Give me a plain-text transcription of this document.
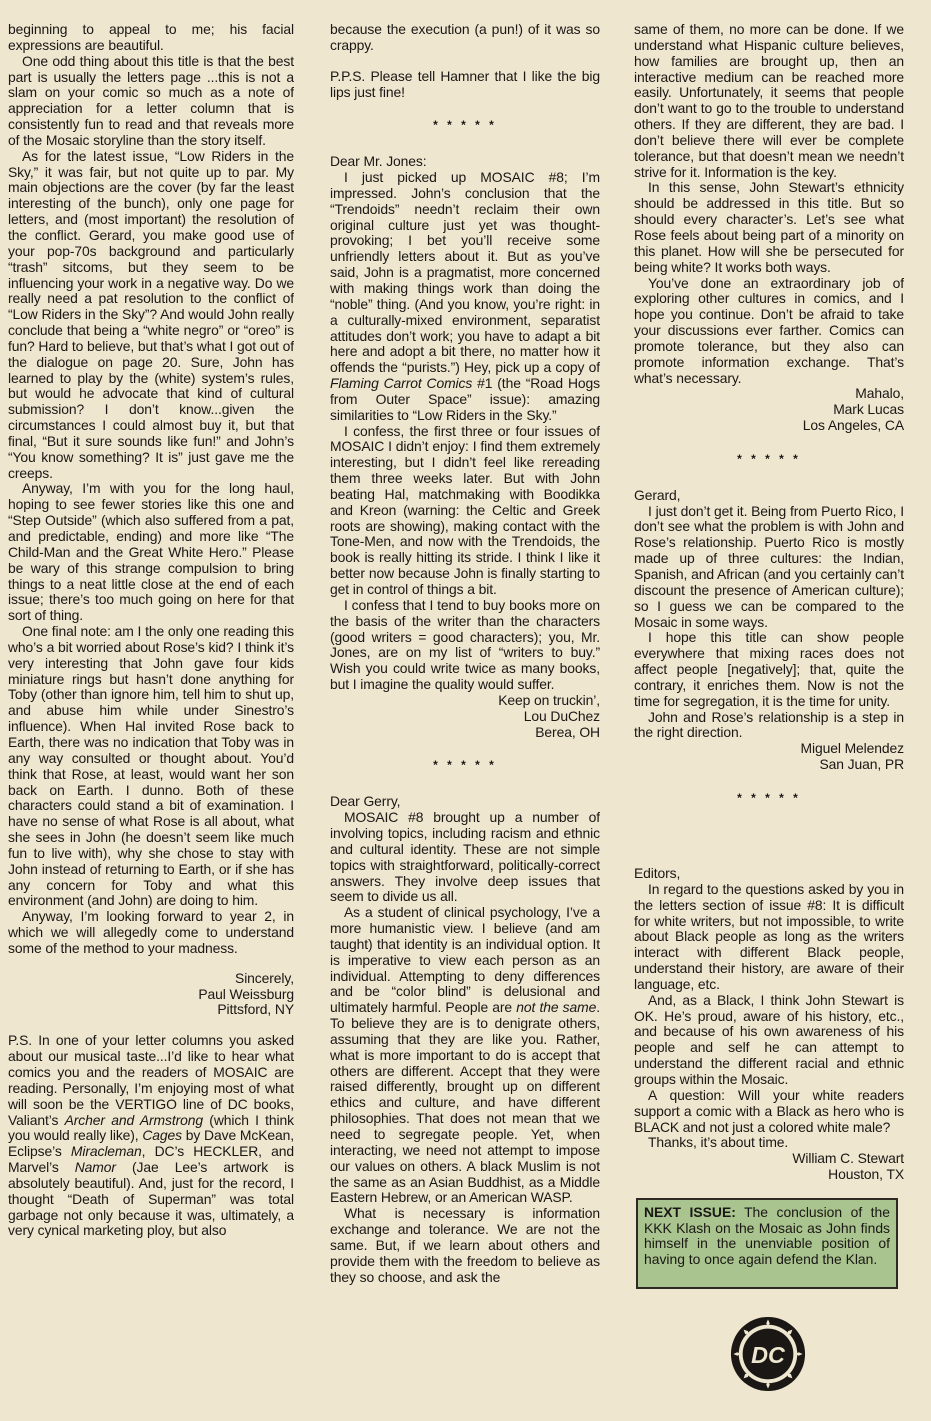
beginning to appeal to me; his facial expressions are beautiful.

One odd thing about this title is that the best part is usually the letters page ...this is not a slam on your comic so much as a note of appreciation for a letter column that is consistently fun to read and that reveals more of the Mosaic storyline than the story itself.

As for the latest issue, “Low Riders in the Sky,” it was fair, but not quite up to par. My main objections are the cover (by far the least interesting of the bunch), only one page for letters, and (most important) the resolution of the conflict. Gerard, you make good use of your pop-70s background and particularly “trash” sitcoms, but they seem to be influencing your work in a negative way. Do we really need a pat resolution to the conflict of “Low Riders in the Sky”? And would John really conclude that being a “white negro” or “oreo” is fun? Hard to believe, but that’s what I got out of the dialogue on page 20. Sure, John has learned to play by the (white) system’s rules, but would he advocate that kind of cultural submission? I don’t know...given the circumstances I could almost buy it, but that final, “But it sure sounds like fun!” and John’s “You know something? It is” just gave me the creeps.

Anyway, I’m with you for the long haul, hoping to see fewer stories like this one and “Step Outside” (which also suffered from a pat, and predictable, ending) and more like “The Child-Man and the Great White Hero.” Please be wary of this strange compulsion to bring things to a neat little close at the end of each issue; there’s too much going on here for that sort of thing.

One final note: am I the only one reading this who’s a bit worried about Rose’s kid? I think it’s very interesting that John gave four kids miniature rings but hasn’t done anything for Toby (other than ignore him, tell him to shut up, and abuse him while under Sinestro’s influence). When Hal invited Rose back to Earth, there was no indication that Toby was in any way consulted or thought about. You’d think that Rose, at least, would want her son back on Earth. I dunno. Both of these characters could stand a bit of examination. I have no sense of what Rose is all about, what she sees in John (he doesn’t seem like much fun to live with), why she chose to stay with John instead of returning to Earth, or if she has any concern for Toby and what this environment (and John) are doing to him.

Anyway, I’m looking forward to year 2, in which we will allegedly come to understand some of the method to your madness.

Sincerely,

Paul Weissburg

Pittsford, NY

P.S. In one of your letter columns you asked about our musical taste...I’d like to hear what comics you and the readers of MOSAIC are reading. Personally, I’m enjoying most of what will soon be the VERTIGO line of DC books, Valiant’s Archer and Armstrong (which I think you would really like), Cages by Dave McKean, Eclipse’s Miracleman, DC’s HECKLER, and Marvel’s Namor (Jae Lee’s artwork is absolutely beautiful). And, just for the record, I thought “Death of Superman” was total garbage not only because it was, ultimately, a very cynical marketing ploy, but also

because the execution (a pun!) of it was so crappy.

P.P.S. Please tell Hamner that I like the big lips just fine!

* * * * *

Dear Mr. Jones:

I just picked up MOSAIC #8; I’m impressed. John’s conclusion that the “Trendoids” needn’t reclaim their own original culture just yet was thought-provoking; I bet you’ll receive some unfriendly letters about it. But as you’ve said, John is a pragmatist, more concerned with making things work than doing the “noble” thing. (And you know, you’re right: in a culturally-mixed environment, separatist attitudes don’t work; you have to adapt a bit here and adopt a bit there, no matter how it offends the “purists.”) Hey, pick up a copy of Flaming Carrot Comics #1 (the “Road Hogs from Outer Space” issue): amazing similarities to “Low Riders in the Sky.”

I confess, the first three or four issues of MOSAIC I didn’t enjoy: I find them extremely interesting, but I didn’t feel like rereading them three weeks later. But with John beating Hal, matchmaking with Boodikka and Kreon (warning: the Celtic and Greek roots are showing), making contact with the Tone-Men, and now with the Trendoids, the book is really hitting its stride. I think I like it better now because John is finally starting to get in control of things a bit.

I confess that I tend to buy books more on the basis of the writer than the characters (good writers = good characters); you, Mr. Jones, are on my list of “writers to buy.” Wish you could write twice as many books, but I imagine the quality would suffer.

Keep on truckin’,

Lou DuChez

Berea, OH

* * * * *

Dear Gerry,

MOSAIC #8 brought up a number of involving topics, including racism and ethnic and cultural identity. These are not simple topics with straightforward, politically-correct answers. They involve deep issues that seem to divide us all.

As a student of clinical psychology, I’ve a more humanistic view. I believe (and am taught) that identity is an individual option. It is imperative to view each person as an individual. Attempting to deny differences and be “color blind” is delusional and ultimately harmful. People are not the same. To believe they are is to denigrate others, assuming that they are like you. Rather, what is more important to do is accept that others are different. Accept that they were raised differently, brought up on different ethics and culture, and have different philosophies. That does not mean that we need to segregate people. Yet, when interacting, we need not attempt to impose our values on others. A black Muslim is not the same as an Asian Buddhist, as a Middle Eastern Hebrew, or an American WASP.

What is necessary is information exchange and tolerance. We are not the same. But, if we learn about others and provide them with the freedom to believe as they so choose, and ask the

same of them, no more can be done. If we understand what Hispanic culture believes, how families are brought up, then an interactive medium can be reached more easily. Unfortunately, it seems that people don’t want to go to the trouble to understand others. If they are different, they are bad. I don’t believe there will ever be complete tolerance, but that doesn’t mean we needn’t strive for it. Information is the key.

In this sense, John Stewart’s ethnicity should be addressed in this title. But so should every character’s. Let’s see what Rose feels about being part of a minority on this planet. How will she be persecuted for being white? It works both ways.

You’ve done an extraordinary job of exploring other cultures in comics, and I hope you continue. Don’t be afraid to take your discussions ever farther. Comics can promote tolerance, but they also can promote information exchange. That’s what’s necessary.

Mahalo,

Mark Lucas

Los Angeles, CA

* * * * *

Gerard,

I just don’t get it. Being from Puerto Rico, I don’t see what the problem is with John and Rose’s relationship. Puerto Rico is mostly made up of three cultures: the Indian, Spanish, and African (and you certainly can’t discount the presence of American culture); so I guess we can be compared to the Mosaic in some ways.

I hope this title can show people everywhere that mixing races does not affect people [negatively]; that, quite the contrary, it enriches them. Now is not the time for segregation, it is the time for unity.

John and Rose’s relationship is a step in the right direction.

Miguel Melendez

San Juan, PR

* * * * *

Editors,

In regard to the questions asked by you in the letters section of issue #8: It is difficult for white writers, but not impossible, to write about Black people as long as the writers interact with different Black people, understand their history, are aware of their language, etc.

And, as a Black, I think John Stewart is OK. He’s proud, aware of his history, etc., and because of his own awareness of his people and self he can attempt to understand the different racial and ethnic groups within the Mosaic.

A question: Will your white readers support a comic with a Black as hero who is BLACK and not just a colored white male?

Thanks, it’s about time.

William C. Stewart

Houston, TX

NEXT ISSUE: The conclusion of the KKK Klash on the Mosaic as John finds himself in the unenviable position of having to once again defend the Klan.
DC
